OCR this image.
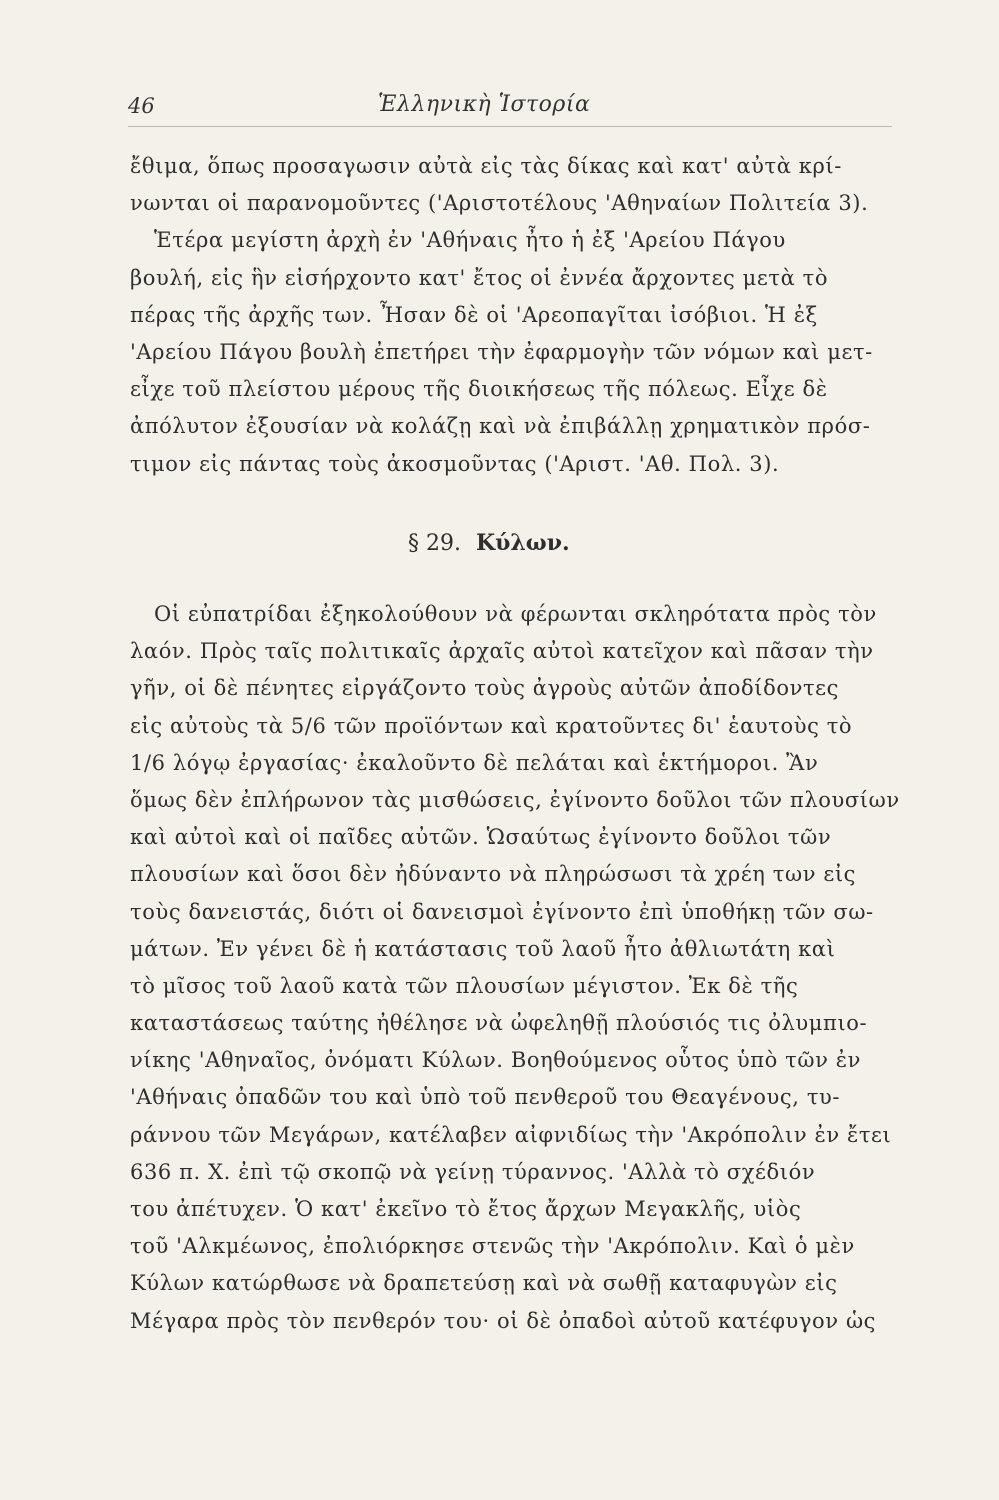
46	Ἑλληνικὴ Ἱστορία
ἔθιμα, ὅπως προσαγωσιν αὐτὰ εἰς τὰς δίκας καὶ κατ' αὐτὰ κρί-
νωνται οἱ παρανομοῦντες ('Αριστοτέλους 'Αθηναίων Πολιτεία 3).
Ἑτέρα μεγίστη ἀρχὴ ἐν 'Αθήναις ἦτο ἡ ἐξ 'Αρείου Πάγου
βουλή, εἰς ἣν εἰσήρχοντο κατ' ἔτος οἱ ἐννέα ἄρχοντες μετὰ τὸ
πέρας τῆς ἀρχῆς των. Ἦσαν δὲ οἱ 'Αρεοπαγῖται ἰσόβιοι. Ἡ ἐξ
'Αρείου Πάγου βουλὴ ἐπετήρει τὴν ἐφαρμογὴν τῶν νόμων καὶ μετ-
εἶχε τοῦ πλείστου μέρους τῆς διοικήσεως τῆς πόλεως. Εἶχε δὲ
ἀπόλυτον ἐξουσίαν νὰ κολάζῃ καὶ νὰ ἐπιβάλλῃ χρηματικὸν πρόσ-
τιμον εἰς πάντας τοὺς ἀκοσμοῦντας ('Αριστ. 'Αθ. Πολ. 3).
§ 29. Κύλων.
Οἱ εὐπατρίδαι ἐξηκολούθουν νὰ φέρωνται σκληρότατα πρὸς τὸν
λαόν. Πρὸς ταῖς πολιτικαῖς ἀρχαῖς αὐτοὶ κατεῖχον καὶ πᾶσαν τὴν
γῆν, οἱ δὲ πένητες εἰργάζοντο τοὺς ἀγροὺς αὐτῶν ἀποδίδοντες
εἰς αὐτοὺς τὰ 5/6 τῶν προϊόντων καὶ κρατοῦντες δι' ἑαυτοὺς τὸ
1/6 λόγῳ ἐργασίας· ἐκαλοῦντο δὲ πελάται καὶ ἑκτήμοροι. Ἂν
ὅμως δὲν ἐπλήρωνον τὰς μισθώσεις, ἐγίνοντο δοῦλοι τῶν πλουσίων
καὶ αὐτοὶ καὶ οἱ παῖδες αὐτῶν. Ὡσαύτως ἐγίνοντο δοῦλοι τῶν
πλουσίων καὶ ὅσοι δὲν ἠδύναντο νὰ πληρώσωσι τὰ χρέη των εἰς
τοὺς δανειστάς, διότι οἱ δανεισμοὶ ἐγίνοντο ἐπὶ ὑποθήκῃ τῶν σω-
μάτων. Ἐν γένει δὲ ἡ κατάστασις τοῦ λαοῦ ἦτο ἀθλιωτάτη καὶ
τὸ μῖσος τοῦ λαοῦ κατὰ τῶν πλουσίων μέγιστον. Ἐκ δὲ τῆς
καταστάσεως ταύτης ἠθέλησε νὰ ὠφεληθῇ πλούσιός τις ὀλυμπιο-
νίκης 'Αθηναῖος, ὀνόματι Κύλων. Βοηθούμενος οὗτος ὑπὸ τῶν ἐν
'Αθήναις ὀπαδῶν του καὶ ὑπὸ τοῦ πενθεροῦ του Θεαγένους, τυ-
ράννου τῶν Μεγάρων, κατέλαβεν αἰφνιδίως τὴν 'Ακρόπολιν ἐν ἔτει
636 π. Χ. ἐπὶ τῷ σκοπῷ νὰ γείνῃ τύραννος. 'Αλλὰ τὸ σχέδιόν
του ἀπέτυχεν. Ὁ κατ' ἐκεῖνο τὸ ἔτος ἄρχων Μεγακλῆς, υἱὸς
τοῦ 'Αλκμέωνος, ἐπολιόρκησε στενῶς τὴν 'Ακρόπολιν. Καὶ ὁ μὲν
Κύλων κατώρθωσε νὰ δραπετεύσῃ καὶ νὰ σωθῇ καταφυγὼν εἰς
Μέγαρα πρὸς τὸν πενθερόν του· οἱ δὲ ὀπαδοὶ αὐτοῦ κατέφυγον ὡς
